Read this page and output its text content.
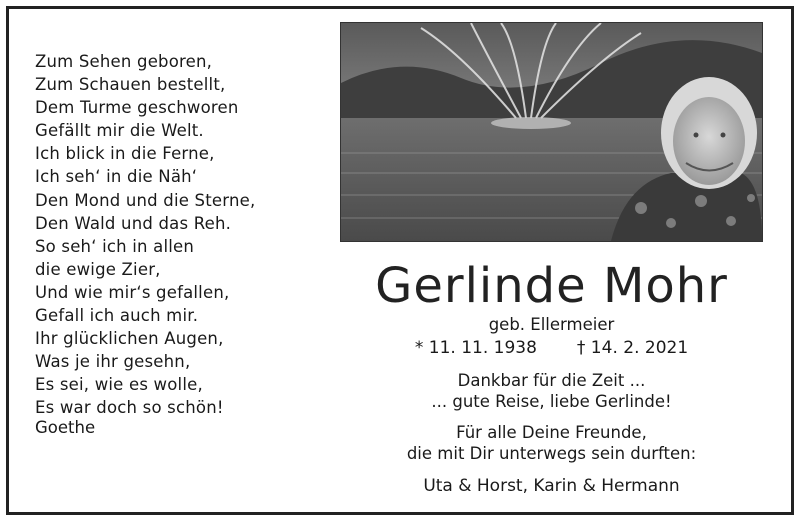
Zum Sehen geboren,
Zum Schauen bestellt,
Dem Turme geschworen
Gefällt mir die Welt.
Ich blick in die Ferne,
Ich seh‘ in die Näh‘
Den Mond und die Sterne,
Den Wald und das Reh.
So seh‘ ich in allen
die ewige Zier,
Und wie mir‘s gefallen,
Gefall ich auch mir.
Ihr glücklichen Augen,
Was je ihr gesehn,
Es sei, wie es wolle,
Es war doch so schön!
Goethe
Gerlinde Mohr
geb. Ellermeier
* 11. 11. 1938 † 14. 2. 2021
Dankbar für die Zeit ...
... gute Reise, liebe Gerlinde!
Für alle Deine Freunde,
die mit Dir unterwegs sein durften:
Uta & Horst, Karin & Hermann
